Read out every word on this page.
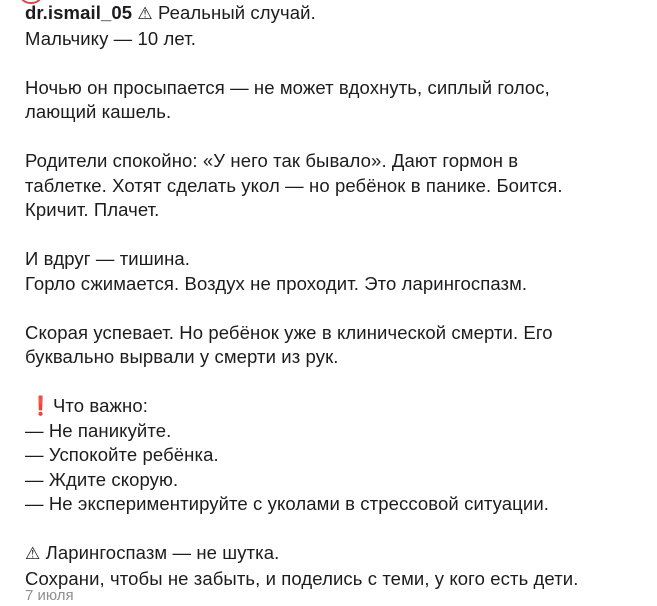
dr.ismail_05 ⚠ Реальный случай.
Мальчику — 10 лет.
Ночью он просыпается — не может вдохнуть, сиплый голос,
лающий кашель.
Родители спокойно: «У него так бывало». Дают гормон в
таблетке. Хотят сделать укол — но ребёнок в панике. Боится.
Кричит. Плачет.
И вдруг — тишина.
Горло сжимается. Воздух не проходит. Это ларингоспазм.
Скорая успевает. Но ребёнок уже в клинической смерти. Его
буквально вырвали у смерти из рук.
❗Что важно:
— Не паникуйте.
— Успокойте ребёнка.
— Ждите скорую.
— Не экспериментируйте с уколами в стрессовой ситуации.
⚠ Ларингоспазм — не шутка.
Сохрани, чтобы не забыть, и поделись с теми, у кого есть дети.
7 июля
